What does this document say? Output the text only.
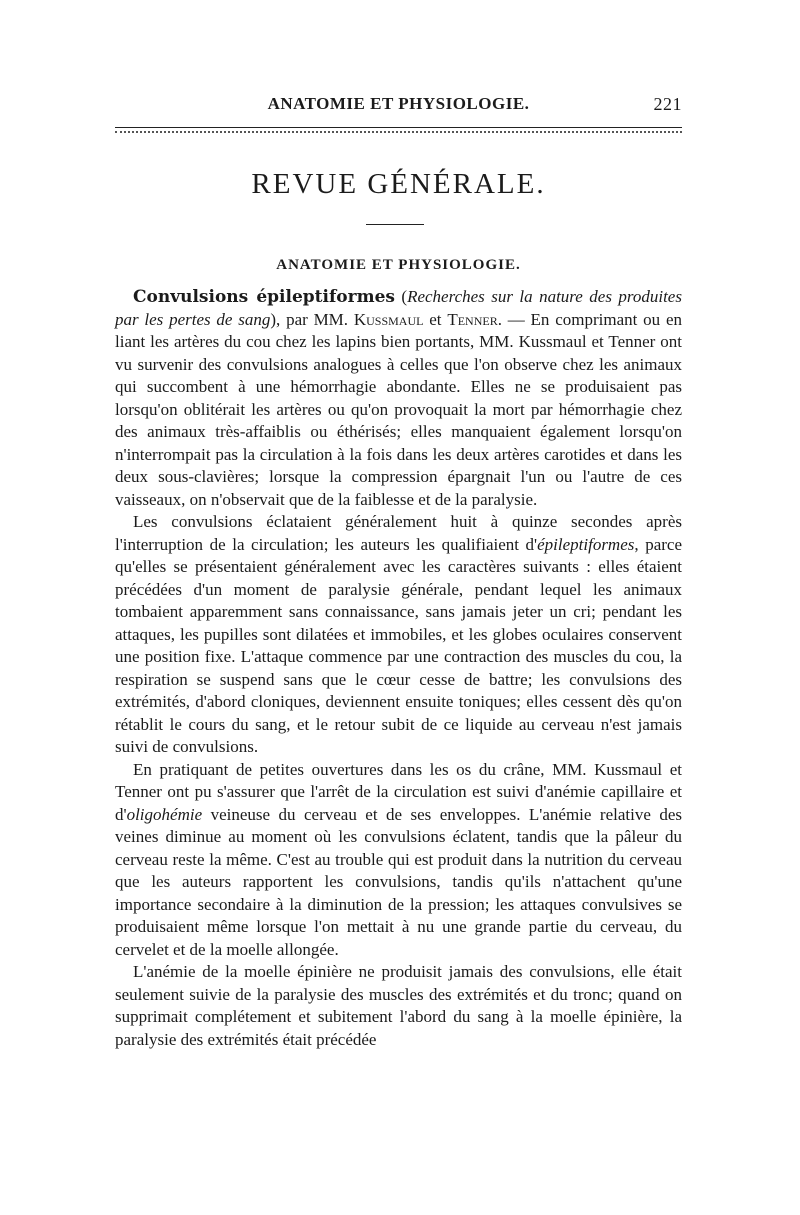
ANATOMIE ET PHYSIOLOGIE.	221
REVUE GÉNÉRALE.
ANATOMIE ET PHYSIOLOGIE.

Convulsions épileptiformes (Recherches sur la nature des produites par les pertes de sang), par MM. Kussmaul et Tenner. — En comprimant ou en liant les artères du cou chez les lapins bien portants, MM. Kussmaul et Tenner ont vu survenir des convulsions analogues à celles que l'on observe chez les animaux qui succombent à une hémorrhagie abondante. Elles ne se produisaient pas lorsqu'on oblitérait les artères ou qu'on provoquait la mort par hémorrhagie chez des animaux très-affaiblis ou éthérisés; elles manquaient également lorsqu'on n'interrompait pas la circulation à la fois dans les deux artères carotides et dans les deux sous-clavières; lorsque la compression épargnait l'un ou l'autre de ces vaisseaux, on n'observait que de la faiblesse et de la paralysie.

Les convulsions éclataient généralement huit à quinze secondes après l'interruption de la circulation; les auteurs les qualifiaient d'épileptiformes, parce qu'elles se présentaient généralement avec les caractères suivants : elles étaient précédées d'un moment de paralysie générale, pendant lequel les animaux tombaient apparemment sans connaissance, sans jamais jeter un cri; pendant les attaques, les pupilles sont dilatées et immobiles, et les globes oculaires conservent une position fixe. L'attaque commence par une contraction des muscles du cou, la respiration se suspend sans que le cœur cesse de battre; les convulsions des extrémités, d'abord cloniques, deviennent ensuite toniques; elles cessent dès qu'on rétablit le cours du sang, et le retour subit de ce liquide au cerveau n'est jamais suivi de convulsions.

En pratiquant de petites ouvertures dans les os du crâne, MM. Kussmaul et Tenner ont pu s'assurer que l'arrêt de la circulation est suivi d'anémie capillaire et d'oligohémie veineuse du cerveau et de ses enveloppes. L'anémie relative des veines diminue au moment où les convulsions éclatent, tandis que la pâleur du cerveau reste la même. C'est au trouble qui est produit dans la nutrition du cerveau que les auteurs rapportent les convulsions, tandis qu'ils n'attachent qu'une importance secondaire à la diminution de la pression; les attaques convulsives se produisaient même lorsque l'on mettait à nu une grande partie du cerveau, du cervelet et de la moelle allongée.

L'anémie de la moelle épinière ne produisit jamais des convulsions, elle était seulement suivie de la paralysie des muscles des extrémités et du tronc; quand on supprimait complétement et subitement l'abord du sang à la moelle épinière, la paralysie des extrémités était précédée
